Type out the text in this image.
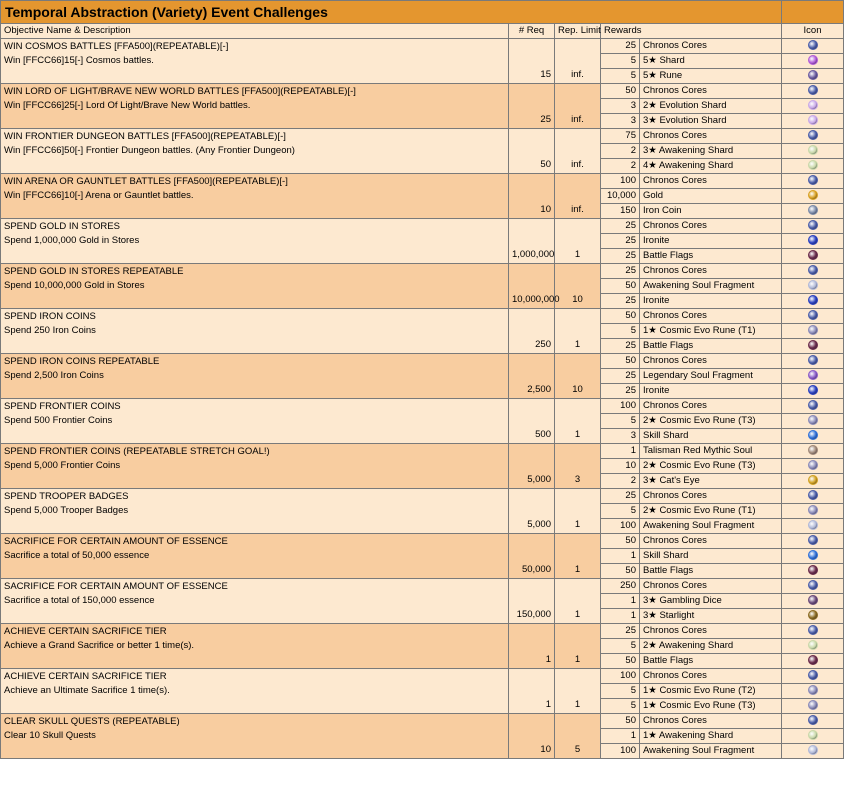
Temporal Abstraction (Variety) Event Challenges					
Objective Name & Description	# Req	Rep. Limit	Rewards		Icon

WIN COSMOS BATTLES [FFA500](REPEATABLE)[-]
Win [FFCC66]15[-] Cosmos battles.	15	inf.	25	Chronos Cores	
			5	5★ Shard	
			5	5★ Rune	

WIN LORD OF LIGHT/BRAVE NEW WORLD BATTLES [FFA500](REPEATABLE)[-]
Win [FFCC66]25[-] Lord Of Light/Brave New World battles.	25	inf.	50	Chronos Cores	
			3	2★ Evolution Shard	
			3	3★ Evolution Shard	

WIN FRONTIER DUNGEON BATTLES [FFA500](REPEATABLE)[-]
Win [FFCC66]50[-] Frontier Dungeon battles. (Any Frontier Dungeon)	50	inf.	75	Chronos Cores	
			2	3★ Awakening Shard	
			2	4★ Awakening Shard	

WIN ARENA OR GAUNTLET BATTLES [FFA500](REPEATABLE)[-]
Win [FFCC66]10[-] Arena or Gauntlet battles.	10	inf.	100	Chronos Cores	
			10,000	Gold	
			150	Iron Coin	

SPEND GOLD IN STORES
Spend 1,000,000 Gold in Stores	1,000,000	1	25	Chronos Cores	
			25	Ironite	
			25	Battle Flags	

SPEND GOLD IN STORES REPEATABLE
Spend 10,000,000 Gold in Stores	10,000,000	10	25	Chronos Cores	
			50	Awakening Soul Fragment	
			25	Ironite	

SPEND IRON COINS
Spend 250 Iron Coins	250	1	50	Chronos Cores	
			5	1★ Cosmic Evo Rune (T1)	
			25	Battle Flags	

SPEND IRON COINS REPEATABLE
Spend 2,500 Iron Coins	2,500	10	50	Chronos Cores	
			25	Legendary Soul Fragment	
			25	Ironite	

SPEND FRONTIER COINS
Spend 500 Frontier Coins	500	1	100	Chronos Cores	
			5	2★ Cosmic Evo Rune (T3)	
			3	Skill Shard	

SPEND FRONTIER COINS (REPEATABLE STRETCH GOAL!)
Spend 5,000 Frontier Coins	5,000	3	1	Talisman Red Mythic Soul	
			10	2★ Cosmic Evo Rune (T3)	
			2	3★ Cat's Eye	

SPEND TROOPER BADGES
Spend 5,000 Trooper Badges	5,000	1	25	Chronos Cores	
			5	2★ Cosmic Evo Rune (T1)	
			100	Awakening Soul Fragment	

SACRIFICE FOR CERTAIN AMOUNT OF ESSENCE
Sacrifice a total of 50,000 essence	50,000	1	50	Chronos Cores	
			1	Skill Shard	
			50	Battle Flags	

SACRIFICE FOR CERTAIN AMOUNT OF ESSENCE
Sacrifice a total of 150,000 essence	150,000	1	250	Chronos Cores	
			1	3★ Gambling Dice	
			1	3★ Starlight	

ACHIEVE CERTAIN SACRIFICE TIER
Achieve a Grand Sacrifice or better 1 time(s).	1	1	25	Chronos Cores	
			5	2★ Awakening Shard	
			50	Battle Flags	

ACHIEVE CERTAIN SACRIFICE TIER
Achieve an Ultimate Sacrifice 1 time(s).	1	1	100	Chronos Cores	
			5	1★ Cosmic Evo Rune (T2)	
			5	1★ Cosmic Evo Rune (T3)	

CLEAR SKULL QUESTS (REPEATABLE)
Clear 10 Skull Quests	10	5	50	Chronos Cores	
			1	1★ Awakening Shard	
			100	Awakening Soul Fragment	
